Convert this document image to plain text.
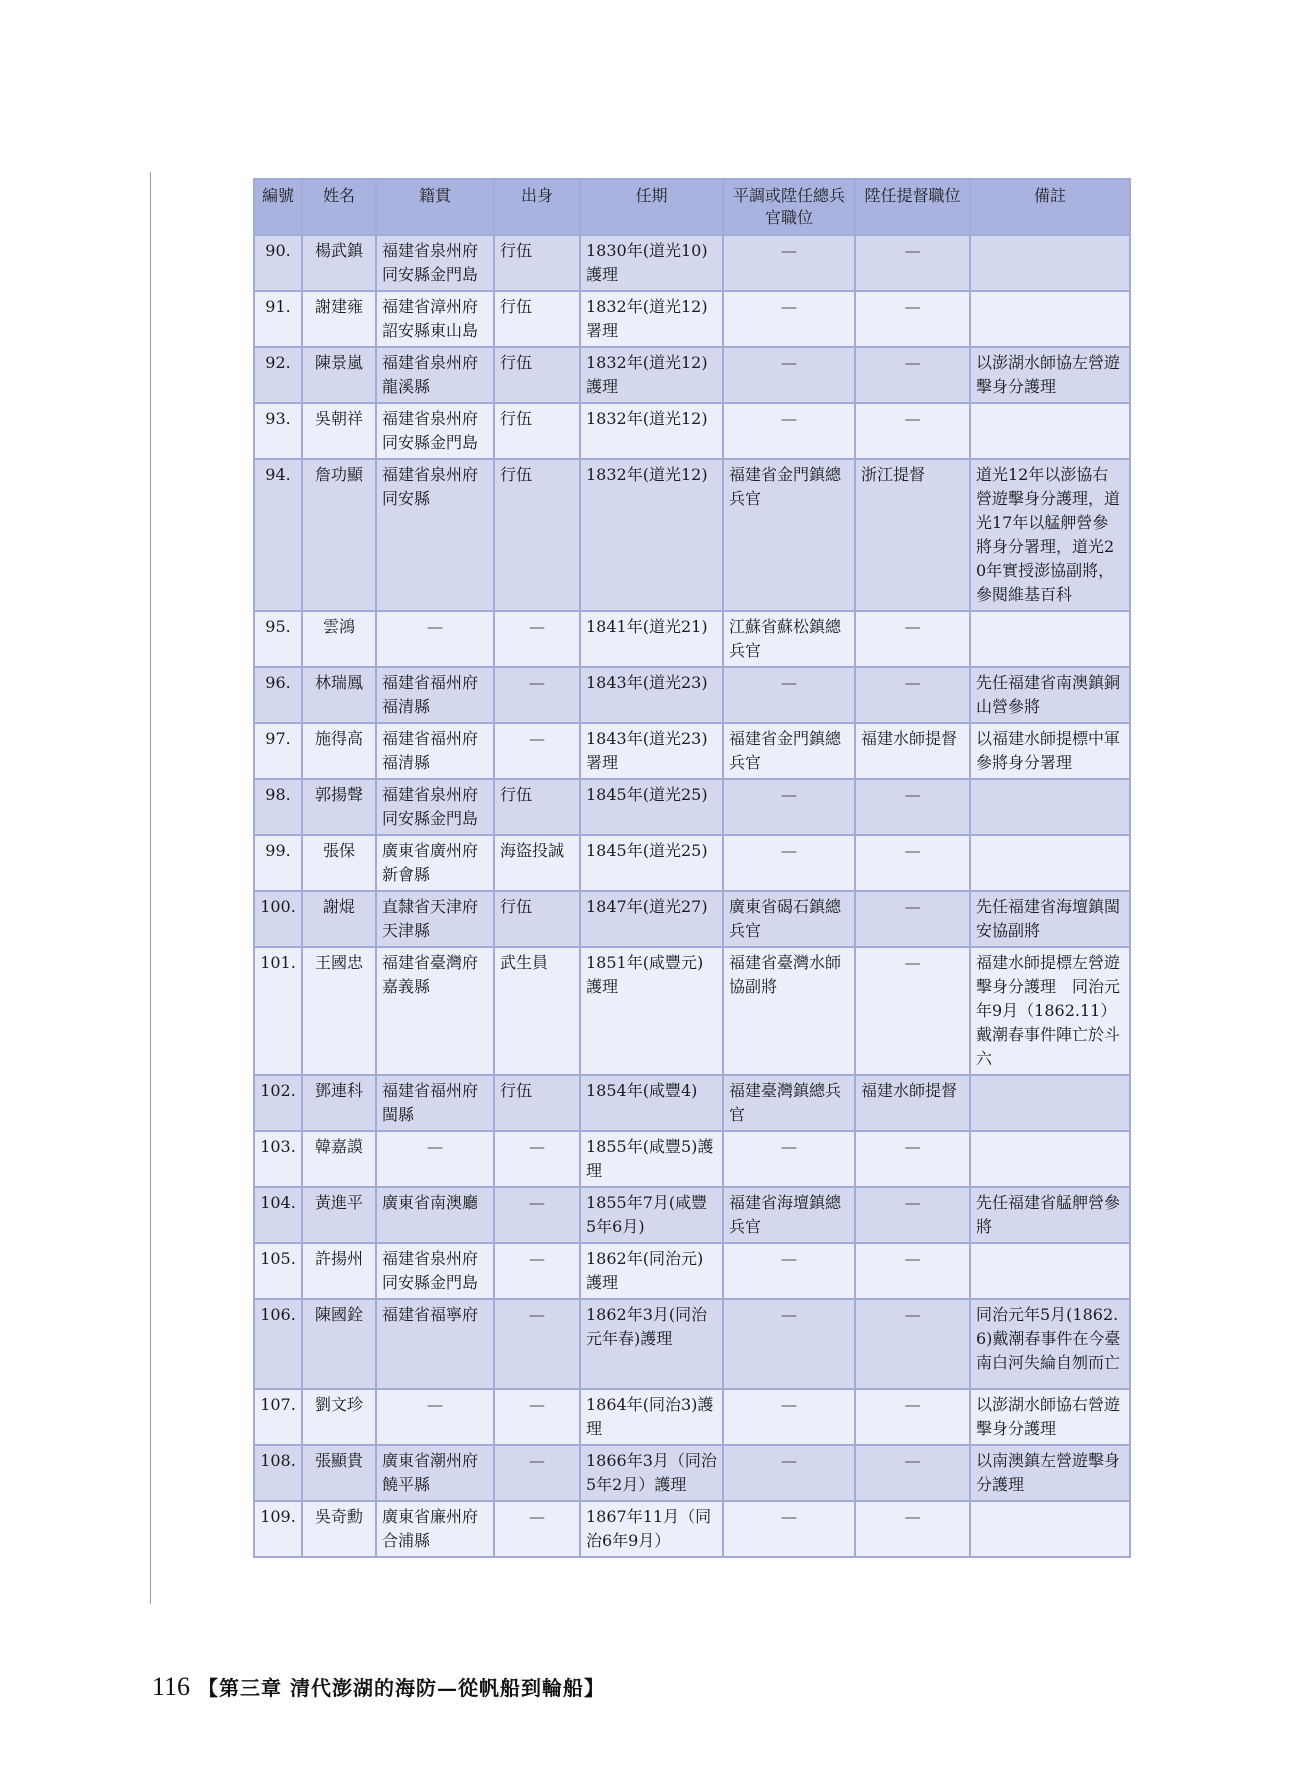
編號	姓名	籍貫	出身	任期	平調或陞任總兵官職位	陞任提督職位	備註
90.	楊武鎮	福建省泉州府同安縣金門島	行伍	1830年(道光10)護理	—	—	
91.	謝建雍	福建省漳州府詔安縣東山島	行伍	1832年(道光12)署理	—	—	
92.	陳景嵐	福建省泉州府龍溪縣	行伍	1832年(道光12)護理	—	—	以澎湖水師協左營遊擊身分護理
93.	吳朝祥	福建省泉州府同安縣金門島	行伍	1832年(道光12)	—	—	
94.	詹功顯	福建省泉州府同安縣	行伍	1832年(道光12)	福建省金門鎮總兵官	浙江提督	道光12年以澎協右營遊擊身分護理，道光17年以艋舺營參將身分署理，道光20年實授澎協副將，參閱維基百科
95.	雲鴻	—	—	1841年(道光21)	江蘇省蘇松鎮總兵官	—	
96.	林瑞鳳	福建省福州府福清縣	—	1843年(道光23)	—	—	先任福建省南澳鎮銅山營參將
97.	施得高	福建省福州府福清縣	—	1843年(道光23)署理	福建省金門鎮總兵官	福建水師提督	以福建水師提標中軍參將身分署理
98.	郭揚聲	福建省泉州府同安縣金門島	行伍	1845年(道光25)	—	—	
99.	張保	廣東省廣州府新會縣	海盜投誠	1845年(道光25)	—	—	
100.	謝焜	直隸省天津府天津縣	行伍	1847年(道光27)	廣東省碣石鎮總兵官	—	先任福建省海壇鎮閩安協副將
101.	王國忠	福建省臺灣府嘉義縣	武生員	1851年(咸豐元)護理	福建省臺灣水師協副將	—	福建水師提標左營遊擊身分護理　同治元年9月（1862.11）戴潮春事件陣亡於斗六
102.	鄧連科	福建省福州府閩縣	行伍	1854年(咸豐4)	福建臺灣鎮總兵官	福建水師提督	
103.	韓嘉謨	—	—	1855年(咸豐5)護理	—	—	
104.	黃進平	廣東省南澳廳	—	1855年7月(咸豐5年6月)	福建省海壇鎮總兵官	—	先任福建省艋舺營參將
105.	許揚州	福建省泉州府同安縣金門島	—	1862年(同治元)護理	—	—	
106.	陳國銓	福建省福寧府	—	1862年3月(同治元年春)護理	—	—	同治元年5月(1862.6)戴潮春事件在今臺南白河失綸自刎而亡
107.	劉文珍	—	—	1864年(同治3)護理	—	—	以澎湖水師協右營遊擊身分護理
108.	張顯貴	廣東省潮州府饒平縣	—	1866年3月（同治5年2月）護理	—	—	以南澳鎮左營遊擊身分護理
109.	吳奇勳	廣東省廉州府合浦縣	—	1867年11月（同治6年9月）	—	—	
116 【第三章 清代澎湖的海防—從帆船到輪船】
